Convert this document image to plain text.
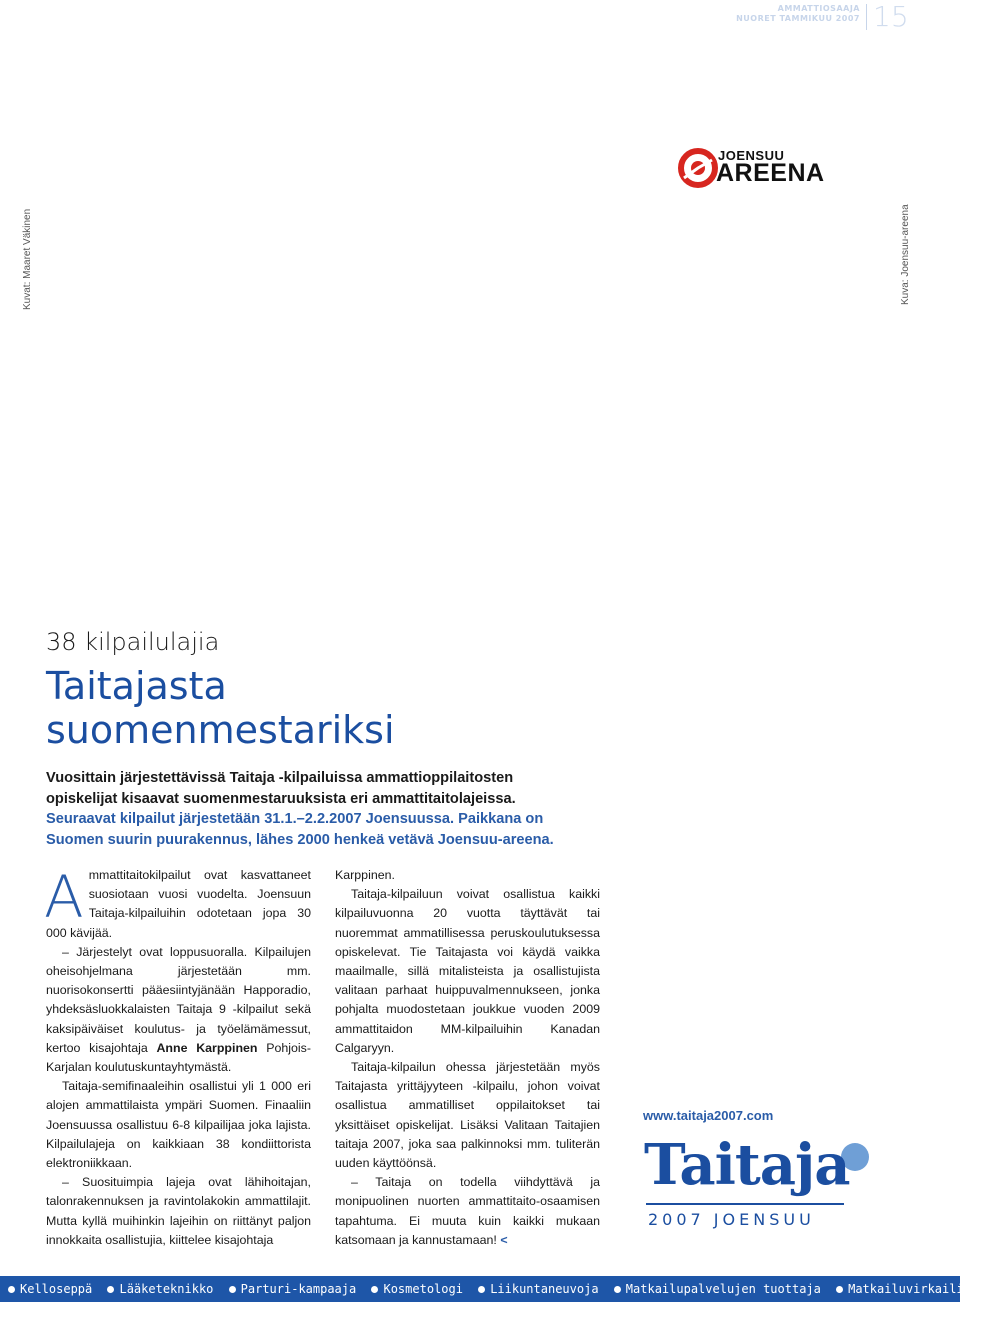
AMMATTIOSAAJA
NUORET TAMMIKUU 2007 15
Kuvat: Maaret Väkinen	Kuva: Joensuu-areena
JOENSUU
AREENA
38 kilpailulajia
Taitajasta
suomenmestariksi
Vuosittain järjestettävissä Taitaja -kilpailuissa ammattioppilaitosten opiskelijat kisaavat suomenmestaruuksista eri ammattitaitolajeissa. Seuraavat kilpailut järjestetään 31.1.–2.2.2007 Joensuussa. Paikkana on Suomen suurin puurakennus, lähes 2000 henkeä vetävä Joensuu-areena.

A mmattitaitokilpailut ovat kasvattaneet suosiotaan vuosi vuodelta. Joensuun Taitaja-kilpailuihin odotetaan jopa 30 000 kävijää.

– Järjestelyt ovat loppusuoralla. Kilpailujen oheisohjelmana järjestetään mm. nuorisokonsertti pääesiintyjänään Happoradio, yhdeksäsluokkalaisten Taitaja 9 -kilpailut sekä kaksipäiväiset koulutus- ja työelämämessut, kertoo kisajohtaja Anne Karppinen Pohjois-Karjalan koulutuskuntayhtymästä.

Taitaja-semifinaaleihin osallistui yli 1 000 eri alojen ammattilaista ympäri Suomen. Finaaliin Joensuussa osallistuu 6-8 kilpailijaa joka lajista. Kilpailulajeja on kaikkiaan 38 kondiittorista elektroniikkaan.

– Suosituimpia lajeja ovat lähihoitajan, talonrakennuksen ja ravintolakokin ammattilajit. Mutta kyllä muihinkin lajeihin on riittänyt paljon innokkaita osallistujia, kiittelee kisajohtaja

Karppinen.

Taitaja-kilpailuun voivat osallistua kaikki kilpailuvuonna 20 vuotta täyttävät tai nuoremmat ammatillisessa peruskoulutuksessa opiskelevat. Tie Taitajasta voi käydä vaikka maailmalle, sillä mitalisteista ja osallistujista valitaan parhaat huippuvalmennukseen, jonka pohjalta muodostetaan joukkue vuoden 2009 ammattitaidon MM-kilpailuihin Kanadan Calgaryyn.

Taitaja-kilpailun ohessa järjestetään myös Taitajasta yrittäjyyteen -kilpailu, johon voivat osallistua ammatilliset oppilaitokset tai yksittäiset opiskelijat. Lisäksi Valitaan Taitajien taitaja 2007, joka saa palkinnoksi mm. tuliterän uuden käyttöönsä.

– Taitaja on todella viihdyttävä ja monipuolinen nuorten ammattitaito-osaamisen tapahtuma. Ei muuta kuin kaikki mukaan katsomaan ja kannustamaan! <

www.taitaja2007.com
Taitaja
2007 JOENSUU
Kelloseppä Lääketeknikko Parturi-kampaaja Kosmetologi Liikuntaneuvoja Matkailupalvelujen tuottaja Matkailuvirkailija
